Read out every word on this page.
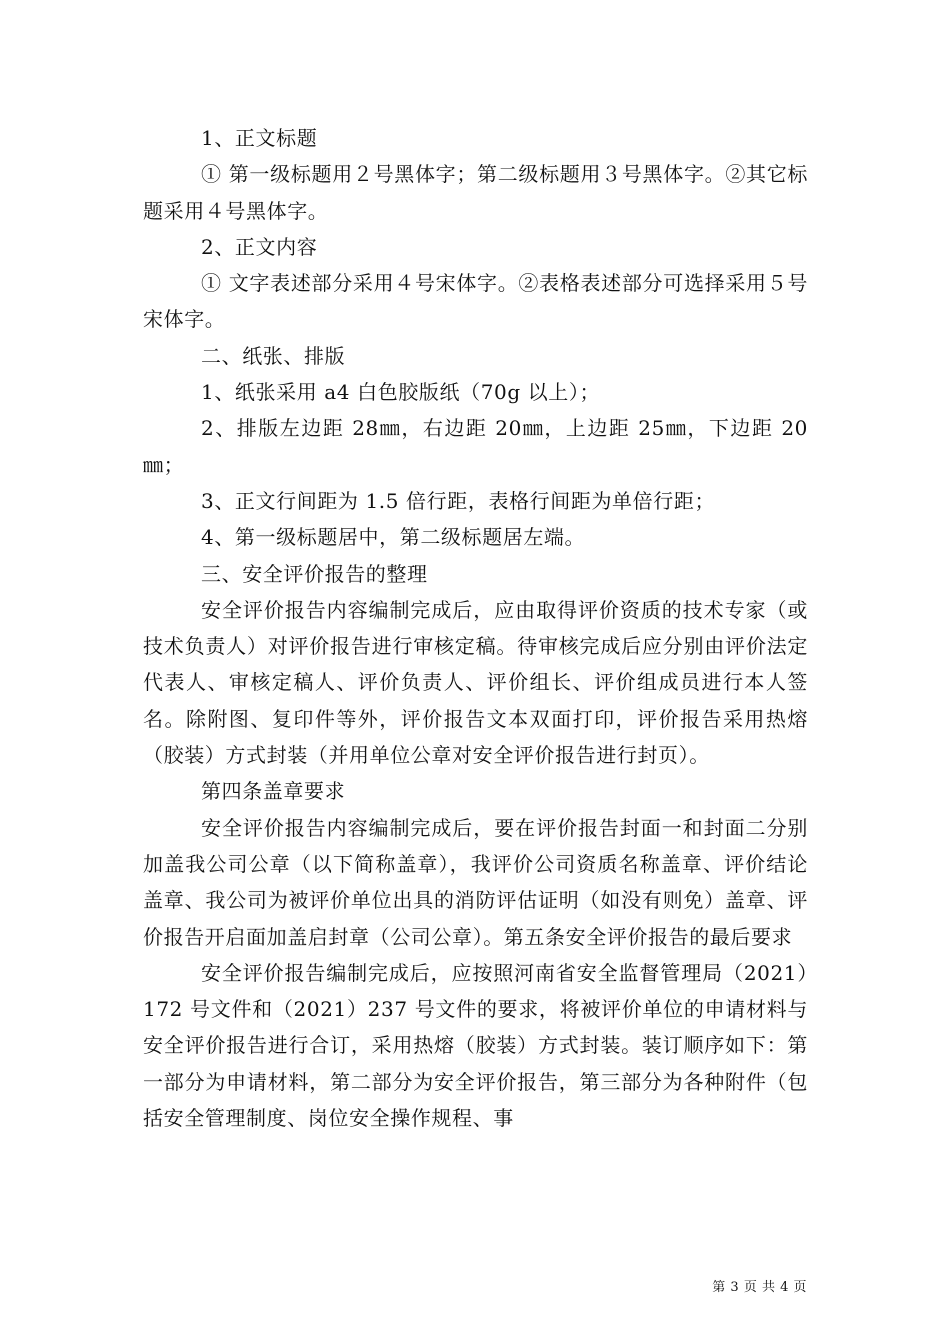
1、正文标题

① 第一级标题用２号黑体字；第二级标题用３号黑体字。②其它标题采用４号黑体字。

2、正文内容

① 文字表述部分采用４号宋体字。②表格表述部分可选择采用５号宋体字。

二、纸张、排版

1、纸张采用 a4 白色胶版纸（70g 以上）；

2、排版左边距 28㎜，右边距 20㎜，上边距 25㎜，下边距 20㎜；

3、正文行间距为 1.5 倍行距，表格行间距为单倍行距；

4、第一级标题居中，第二级标题居左端。

三、安全评价报告的整理

安全评价报告内容编制完成后，应由取得评价资质的技术专家（或技术负责人）对评价报告进行审核定稿。待审核完成后应分别由评价法定代表人、审核定稿人、评价负责人、评价组长、评价组成员进行本人签名。除附图、复印件等外，评价报告文本双面打印，评价报告采用热熔（胶装）方式封装（并用单位公章对安全评价报告进行封页）。

第四条盖章要求

安全评价报告内容编制完成后，要在评价报告封面一和封面二分别加盖我公司公章（以下简称盖章），我评价公司资质名称盖章、评价结论盖章、我公司为被评价单位出具的消防评估证明（如没有则免）盖章、评价报告开启面加盖启封章（公司公章）。第五条安全评价报告的最后要求

安全评价报告编制完成后，应按照河南省安全监督管理局（2021）172 号文件和（2021）237 号文件的要求，将被评价单位的申请材料与安全评价报告进行合订，采用热熔（胶装）方式封装。装订顺序如下：第一部分为申请材料，第二部分为安全评价报告，第三部分为各种附件（包括安全管理制度、岗位安全操作规程、事

第 3 页 共 4 页
